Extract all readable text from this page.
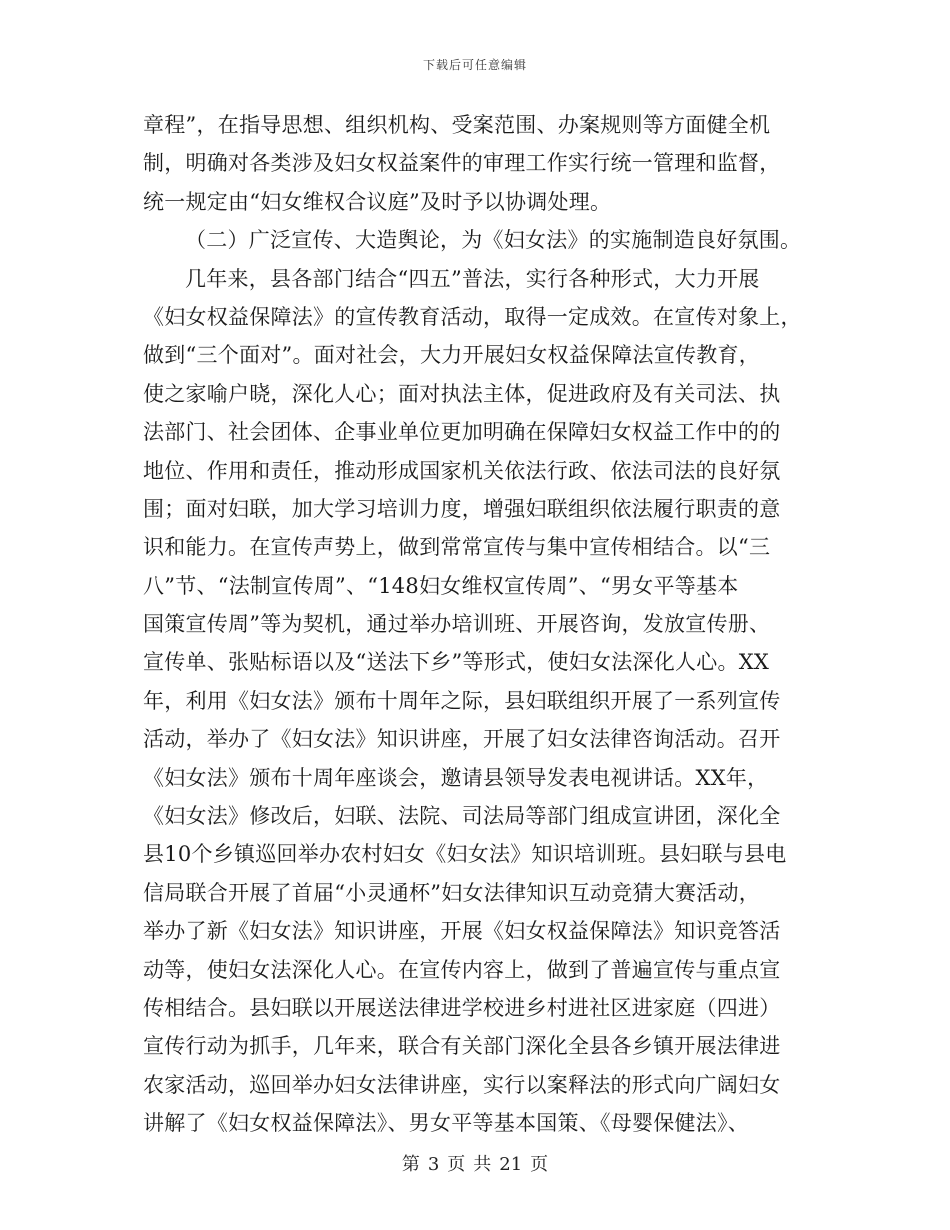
下载后可任意编辑
章程”，在指导思想、组织机构、受案范围、办案规则等方面健全机
制，明确对各类涉及妇女权益案件的审理工作实行统一管理和监督，
统一规定由“妇女维权合议庭”及时予以协调处理。
（二）广泛宣传、大造舆论，为《妇女法》的实施制造良好氛围。
几年来，县各部门结合“四五”普法，实行各种形式，大力开展
《妇女权益保障法》的宣传教育活动，取得一定成效。在宣传对象上，
做到“三个面对”。面对社会，大力开展妇女权益保障法宣传教育，
使之家喻户晓，深化人心；面对执法主体，促进政府及有关司法、执
法部门、社会团体、企事业单位更加明确在保障妇女权益工作中的的
地位、作用和责任，推动形成国家机关依法行政、依法司法的良好氛
围；面对妇联，加大学习培训力度，增强妇联组织依法履行职责的意
识和能力。在宣传声势上，做到常常宣传与集中宣传相结合。以“三
八”节、“法制宣传周”、“148妇女维权宣传周”、“男女平等基本
国策宣传周”等为契机，通过举办培训班、开展咨询，发放宣传册、
宣传单、张贴标语以及“送法下乡”等形式，使妇女法深化人心。XX
年，利用《妇女法》颁布十周年之际，县妇联组织开展了一系列宣传
活动，举办了《妇女法》知识讲座，开展了妇女法律咨询活动。召开
《妇女法》颁布十周年座谈会，邀请县领导发表电视讲话。XX年，
《妇女法》修改后，妇联、法院、司法局等部门组成宣讲团，深化全
县10个乡镇巡回举办农村妇女《妇女法》知识培训班。县妇联与县电
信局联合开展了首届“小灵通杯”妇女法律知识互动竞猜大赛活动，
举办了新《妇女法》知识讲座，开展《妇女权益保障法》知识竞答活
动等，使妇女法深化人心。在宣传内容上，做到了普遍宣传与重点宣
传相结合。县妇联以开展送法律进学校进乡村进社区进家庭（四进）
宣传行动为抓手，几年来，联合有关部门深化全县各乡镇开展法律进
农家活动，巡回举办妇女法律讲座，实行以案释法的形式向广阔妇女
讲解了《妇女权益保障法》、男女平等基本国策、《母婴保健法》、
第 3 页 共 21 页
